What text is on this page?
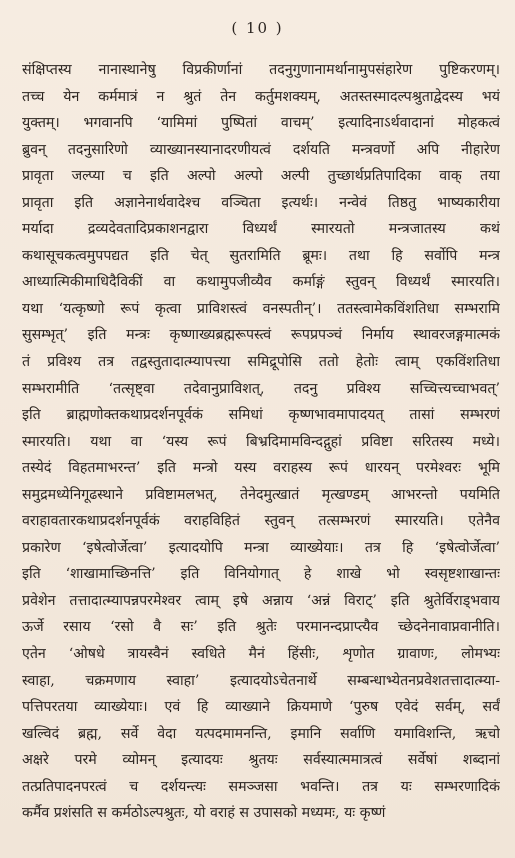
( 10 )
संक्षिप्तस्य नानास्थानेषु विप्रकीर्णानां तदनुगुणानामर्थानामुपसंहारेण पुष्टिकरणम्।
तच्च येन कर्ममात्रं न श्रुतं तेन कर्तुमशक्यम्, अतस्तस्मादल्पश्रुताद्वेदस्य भयं
युक्तम्। भगवानपि ‘यामिमां पुष्पितां वाचम्’ इत्यादिनाऽर्थवादानां मोहकत्वं
ब्रुवन् तदनुसारिणो व्याख्यानस्यानादरणीयत्वं दर्शयति मन्त्रवर्णो अपि नीहारेण
प्रावृता जल्प्या च इति अल्पो अल्पो अल्पी तुच्छार्थप्रतिपादिका वाक् तया
प्रावृता इति अज्ञानेनार्थवादेश्च वञ्चिता इत्यर्थः। नन्वेवं तिष्ठतु भाष्यकारीया
मर्यादा द्रव्यदेवतादिप्रकाशनद्वारा विध्यर्थं स्मारयतो मन्त्रजातस्य कथं
कथासूचकत्वमुपपद्यत इति चेत् सुतरामिति ब्रूमः। तथा हि सर्वोपि मन्त्र
आध्यात्मिकीमाधिदैविकीं वा कथामुपजीव्यैव कर्माङ्गं स्तुवन् विध्यर्थं स्मारयति।
यथा ‘यत्कृष्णो रूपं कृत्वा प्राविशस्त्वं वनस्पतीन्’। ततस्त्वामेकविंशतिधा सम्भरामि
सुसम्भृत्’ इति मन्त्रः कृष्णाख्यब्रह्मरूपस्त्वं रूपप्रपञ्चं निर्माय स्थावरजङ्गमात्मकं
तं प्रविश्य तत्र तद्वस्तुतादात्म्यापत्त्या समिद्रूपोसि ततो हेतोः त्वाम् एकविंशतिधा
सम्भरामीति ‘तत्सृष्ट्वा तदेवानुप्राविशत्, तदनु प्रविश्य सच्चित्त्यच्चाभवत्’
इति ब्राह्मणोक्तकथाप्रदर्शनपूर्वकं समिधां कृष्णभावमापादयत् तासां सम्भरणं
स्मारयति। यथा वा ‘यस्य रूपं बिभ्रदिमामविन्दद्गुहां प्रविष्टा सरितस्य मध्ये।
तस्येदं विहतमाभरन्त’ इति मन्त्रो यस्य वराहस्य रूपं धारयन् परमेश्वरः भूमि
समुद्रमध्येनिगूढस्थाने प्रविष्टामलभत्, तेनेदमुत्खातं मृत्खण्डम् आभरन्तो पयमिति
वराहावतारकथाप्रदर्शनपूर्वकं वराहविहितं स्तुवन् तत्सम्भरणं स्मारयति। एतेनैव
प्रकारेण ‘इषेत्वोर्जेत्वा’ इत्यादयोपि मन्त्रा व्याख्येयाः। तत्र हि ‘इषेत्वोर्जेत्वा’
इति ‘शाखामाच्छिनत्ति’ इति विनियोगात् हे शाखे भो स्वसृष्टशाखान्तः
प्रवेशेन तत्तादात्म्यापन्नपरमेश्वर त्वाम् इषे अन्नाय ‘अन्नं विराट्’ इति श्रुतेर्विराड्भवाय
ऊर्जे रसाय ‘रसो वै सः’ इति श्रुतेः परमानन्दप्राप्त्यैव च्छेदनेनावाप्नवानीति।
एतेन ‘ओषधे त्रायस्वैनं स्वधिते मैनं हिंसीः, शृणोत ग्रावाणः, लोमभ्यः
स्वाहा, चक्रमणाय स्वाहा’ इत्यादयोऽचेतनार्थे सम्बन्धाभ्येतनप्रवेशतत्तादात्म्या-
पत्तिपरतया व्याख्येयाः। एवं हि व्याख्याने क्रियमाणे ‘पुरुष एवेदं सर्वम्, सर्वं
खल्विदं ब्रह्म, सर्वे वेदा यत्पदमामनन्ति, इमानि सर्वाणि यमाविशन्ति, ऋचो
अक्षरे परमे व्योमन् इत्यादयः श्रुतयः सर्वस्यात्ममात्रत्वं सर्वेषां शब्दानां
तत्प्रतिपादनपरत्वं च दर्शयन्त्यः समञ्जसा भवन्ति। तत्र यः सम्भरणादिकं
कर्मैव प्रशंसति स कर्मठोऽल्पश्रुतः, यो वराहं स उपासको मध्यमः, यः कृष्णं
